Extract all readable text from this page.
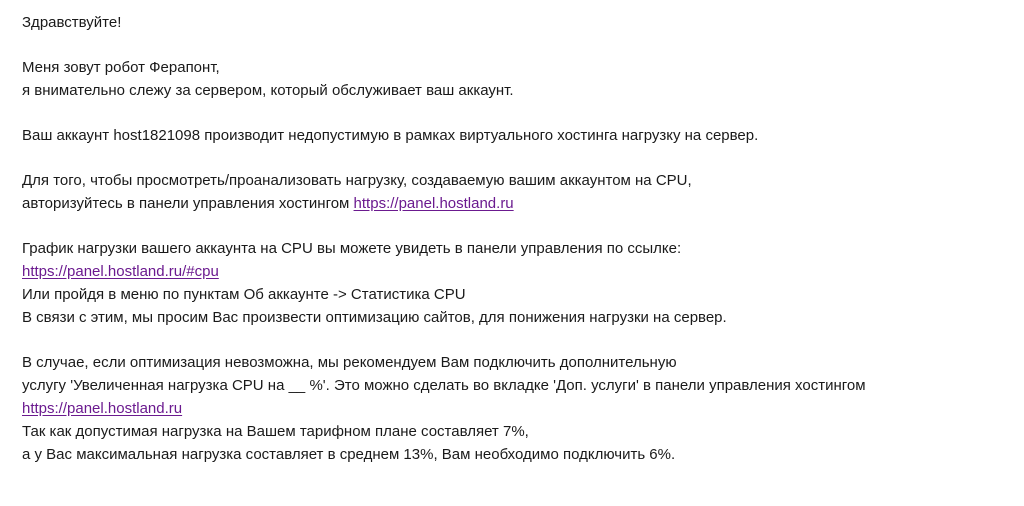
Здравствуйте!
Меня зовут робот Ферапонт,
я внимательно слежу за сервером, который обслуживает ваш аккаунт.
Ваш аккаунт host1821098 производит недопустимую в рамках виртуального хостинга нагрузку на сервер.
Для того, чтобы просмотреть/проанализовать нагрузку, создаваемую вашим аккаунтом на CPU,
авторизуйтесь в панели управления хостингом https://panel.hostland.ru
График нагрузки вашего аккаунта на CPU вы можете увидеть в панели управления по ссылке:
https://panel.hostland.ru/#cpu
Или пройдя в меню по пунктам Об аккаунте -> Статистика CPU
В связи с этим, мы просим Вас произвести оптимизацию сайтов, для понижения нагрузки на сервер.
В случае, если оптимизация невозможна, мы рекомендуем Вам подключить дополнительную
услугу 'Увеличенная нагрузка CPU на __ %'. Это можно сделать во вкладке 'Доп. услуги' в панели управления хостингом
https://panel.hostland.ru
Так как допустимая нагрузка на Вашем тарифном плане составляет 7%,
а у Вас максимальная нагрузка составляет в среднем 13%, Вам необходимо подключить 6%.
